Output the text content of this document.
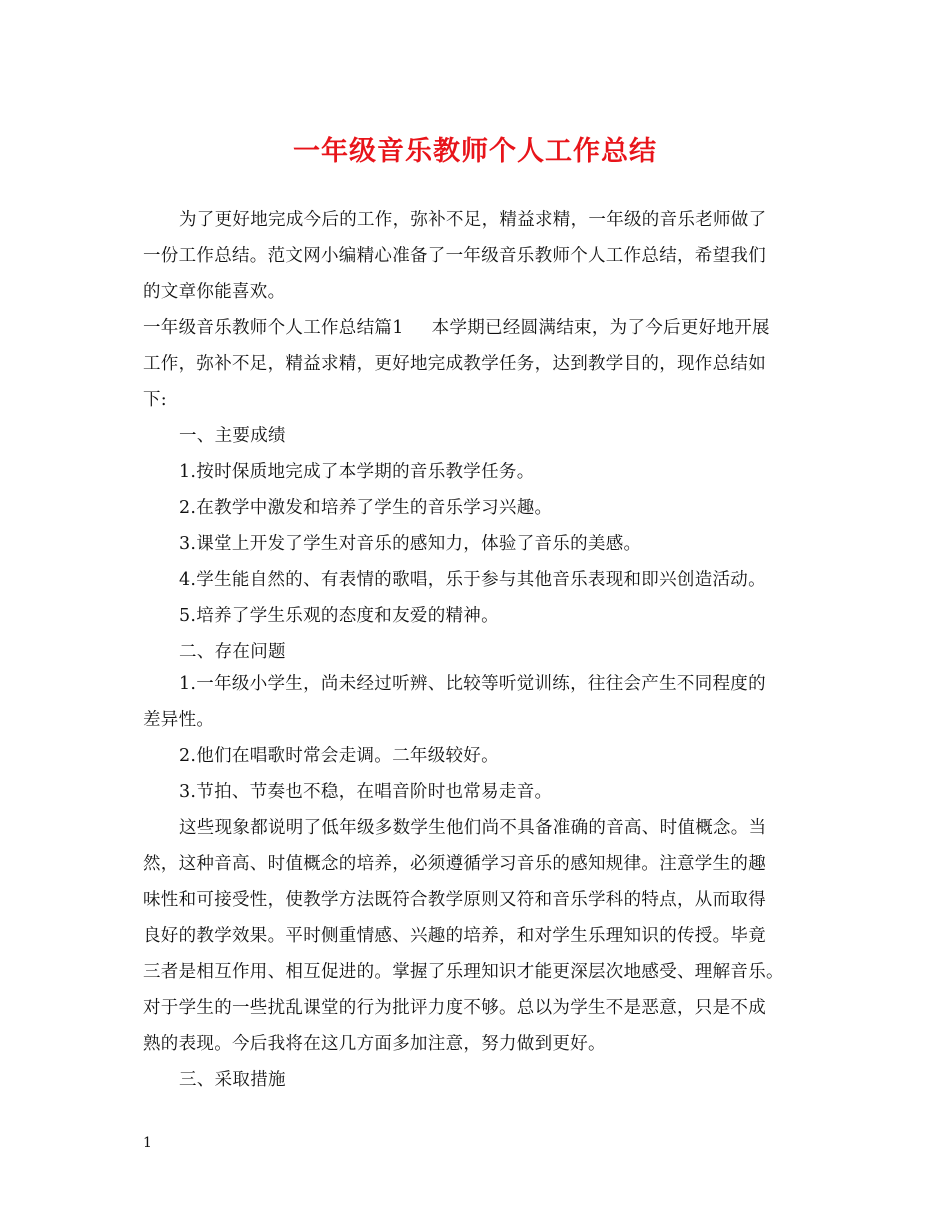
一年级音乐教师个人工作总结
为了更好地完成今后的工作，弥补不足，精益求精，一年级的音乐老师做了
一份工作总结。范文网小编精心准备了一年级音乐教师个人工作总结，希望我们
的文章你能喜欢。
一年级音乐教师个人工作总结篇1 本学期已经圆满结束，为了今后更好地开展
工作，弥补不足，精益求精，更好地完成教学任务，达到教学目的，现作总结如
下:
一、主要成绩
1.按时保质地完成了本学期的音乐教学任务。
2.在教学中激发和培养了学生的音乐学习兴趣。
3.课堂上开发了学生对音乐的感知力，体验了音乐的美感。
4.学生能自然的、有表情的歌唱，乐于参与其他音乐表现和即兴创造活动。
5.培养了学生乐观的态度和友爱的精神。
二、存在问题
1.一年级小学生，尚未经过听辨、比较等听觉训练，往往会产生不同程度的
差异性。
2.他们在唱歌时常会走调。二年级较好。
3.节拍、节奏也不稳，在唱音阶时也常易走音。
这些现象都说明了低年级多数学生他们尚不具备准确的音高、时值概念。当
然，这种音高、时值概念的培养，必须遵循学习音乐的感知规律。注意学生的趣
味性和可接受性，使教学方法既符合教学原则又符和音乐学科的特点，从而取得
良好的教学效果。平时侧重情感、兴趣的培养，和对学生乐理知识的传授。毕竟
三者是相互作用、相互促进的。掌握了乐理知识才能更深层次地感受、理解音乐。
对于学生的一些扰乱课堂的行为批评力度不够。总以为学生不是恶意，只是不成
熟的表现。今后我将在这几方面多加注意，努力做到更好。
三、采取措施
1
